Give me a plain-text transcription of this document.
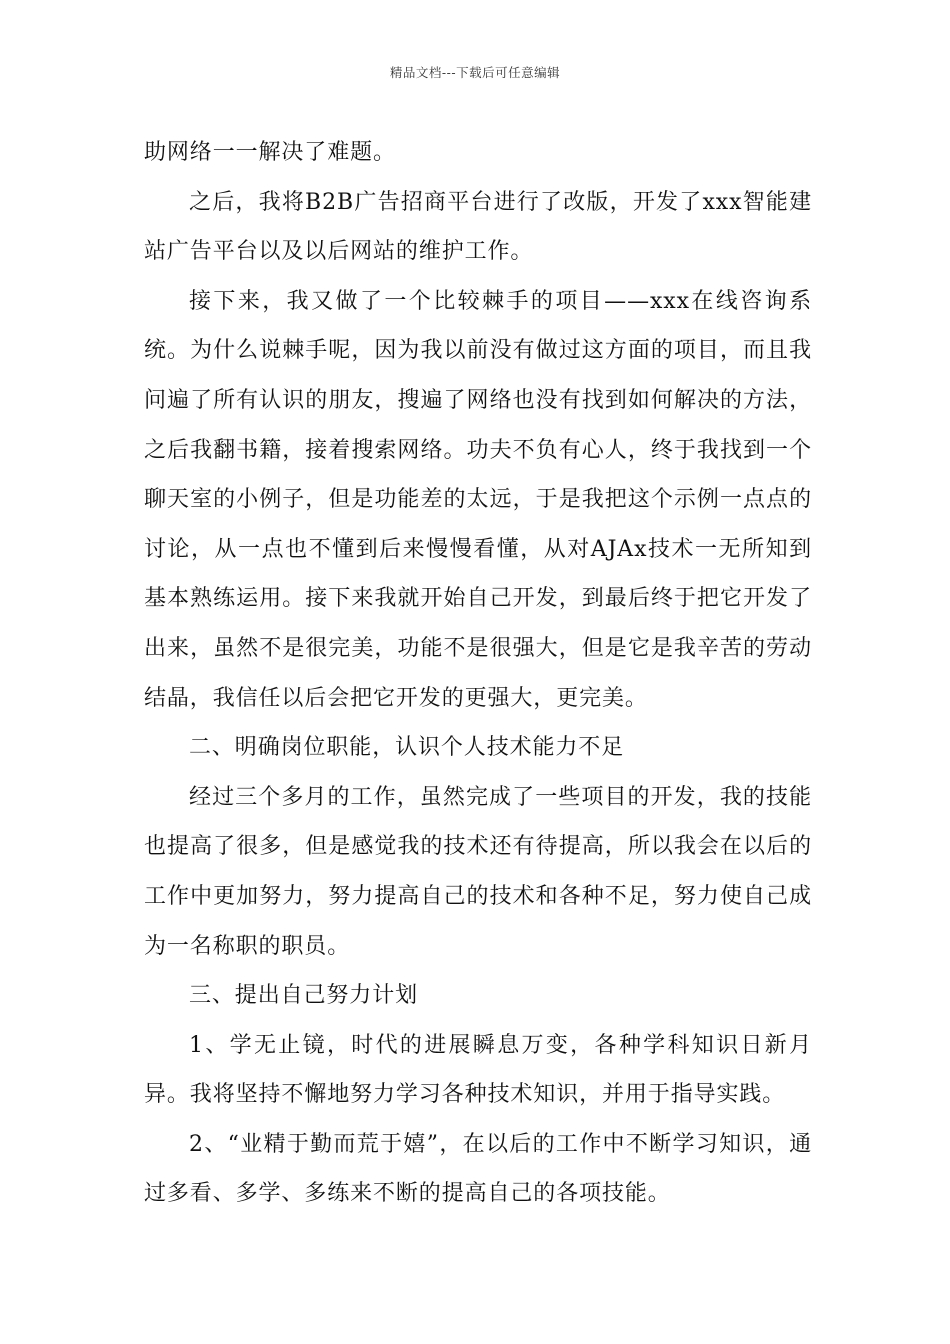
精品文档---下载后可任意编辑

助网络一一解决了难题。

之后，我将B2B广告招商平台进行了改版，开发了xxx智能建站广告平台以及以后网站的维护工作。

接下来，我又做了一个比较棘手的项目——xxx在线咨询系统。为什么说棘手呢，因为我以前没有做过这方面的项目，而且我问遍了所有认识的朋友，搜遍了网络也没有找到如何解决的方法，之后我翻书籍，接着搜索网络。功夫不负有心人，终于我找到一个聊天室的小例子，但是功能差的太远，于是我把这个示例一点点的讨论，从一点也不懂到后来慢慢看懂，从对AJAx技术一无所知到基本熟练运用。接下来我就开始自己开发，到最后终于把它开发了出来，虽然不是很完美，功能不是很强大，但是它是我辛苦的劳动结晶，我信任以后会把它开发的更强大，更完美。

二、明确岗位职能，认识个人技术能力不足

经过三个多月的工作，虽然完成了一些项目的开发，我的技能也提高了很多，但是感觉我的技术还有待提高，所以我会在以后的工作中更加努力，努力提高自己的技术和各种不足，努力使自己成为一名称职的职员。

三、提出自己努力计划

1、学无止镜，时代的进展瞬息万变，各种学科知识日新月异。我将坚持不懈地努力学习各种技术知识，并用于指导实践。

2、“业精于勤而荒于嬉”，在以后的工作中不断学习知识，通过多看、多学、多练来不断的提高自己的各项技能。
